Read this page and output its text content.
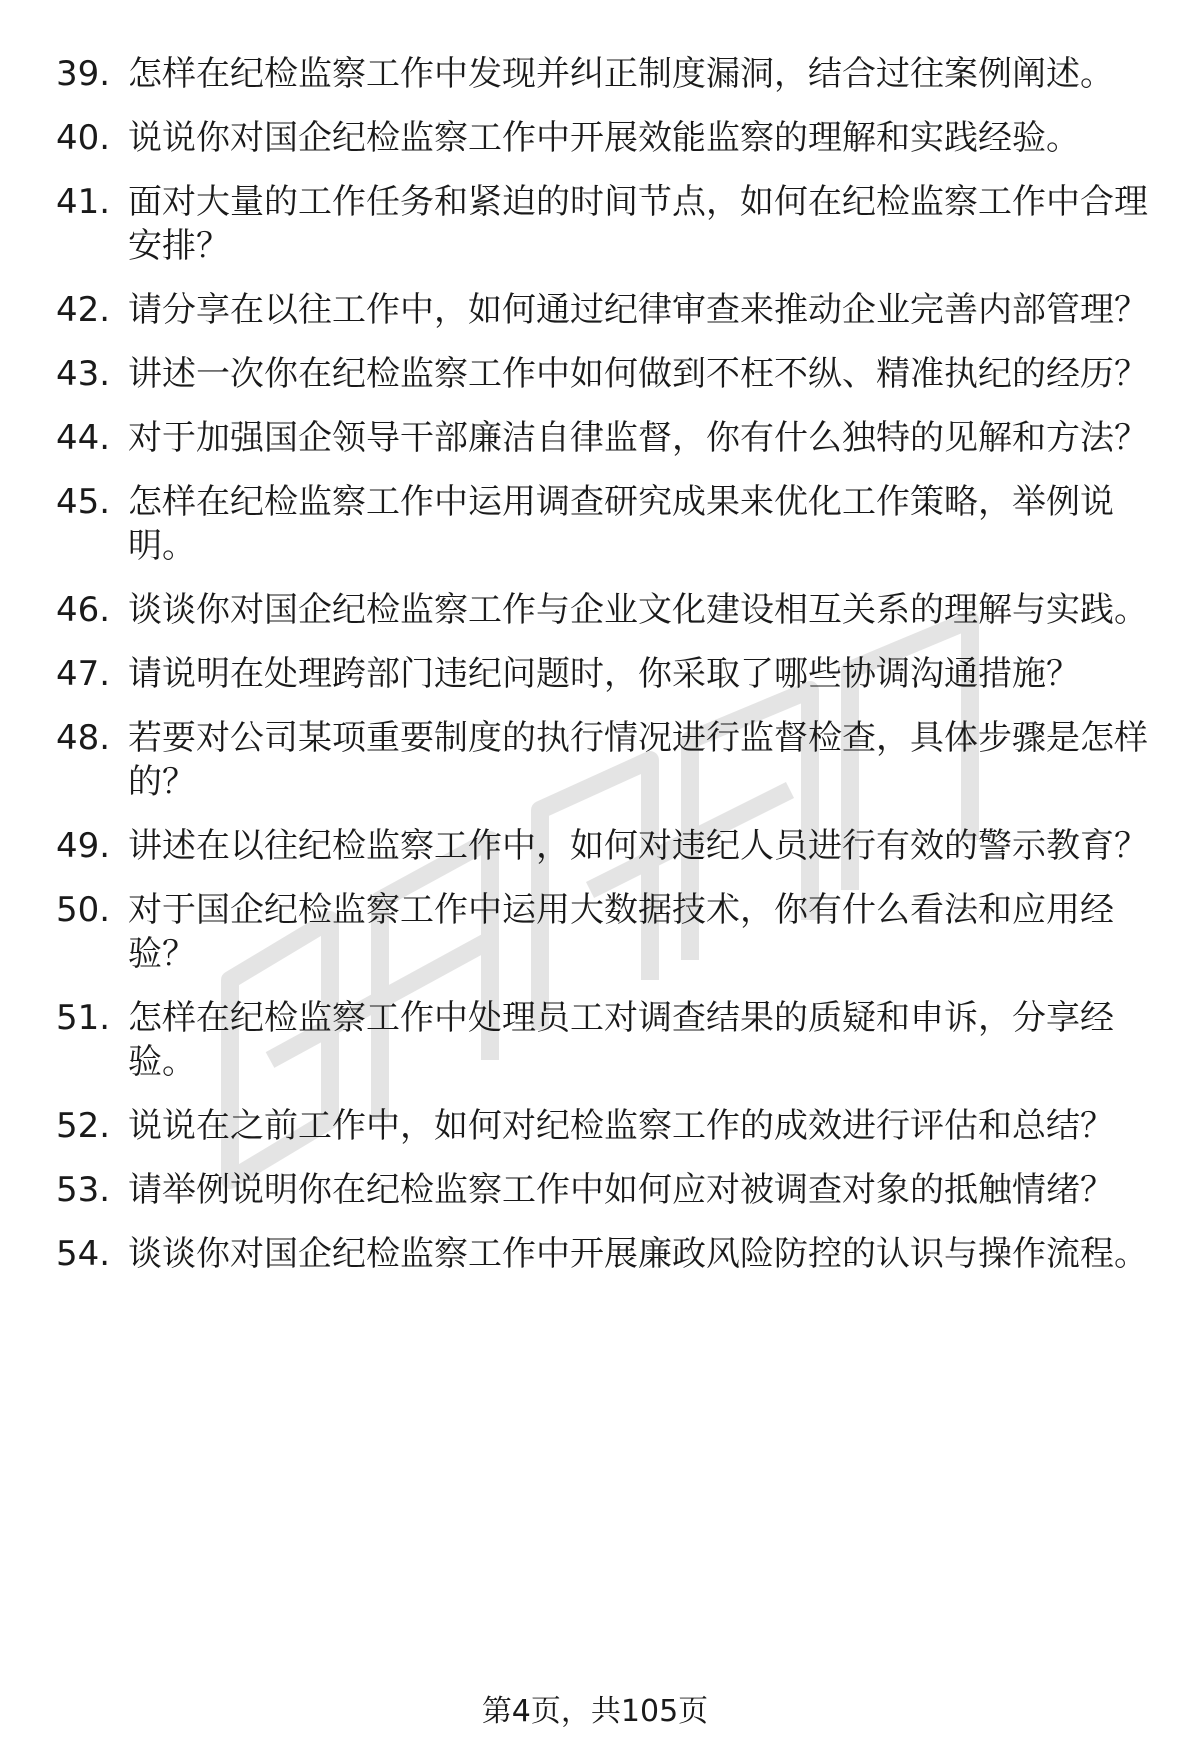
39. 怎样在纪检监察工作中发现并纠正制度漏洞，结合过往案例阐述。
40. 说说你对国企纪检监察工作中开展效能监察的理解和实践经验。
41. 面对大量的工作任务和紧迫的时间节点，如何在纪检监察工作中合理安排？
42. 请分享在以往工作中，如何通过纪律审查来推动企业完善内部管理？
43. 讲述一次你在纪检监察工作中如何做到不枉不纵、精准执纪的经历？
44. 对于加强国企领导干部廉洁自律监督，你有什么独特的见解和方法？
45. 怎样在纪检监察工作中运用调查研究成果来优化工作策略，举例说明。
46. 谈谈你对国企纪检监察工作与企业文化建设相互关系的理解与实践。
47. 请说明在处理跨部门违纪问题时，你采取了哪些协调沟通措施？
48. 若要对公司某项重要制度的执行情况进行监督检查，具体步骤是怎样的？
49. 讲述在以往纪检监察工作中，如何对违纪人员进行有效的警示教育？
50. 对于国企纪检监察工作中运用大数据技术，你有什么看法和应用经验？
51. 怎样在纪检监察工作中处理员工对调查结果的质疑和申诉，分享经验。
52. 说说在之前工作中，如何对纪检监察工作的成效进行评估和总结？
53. 请举例说明你在纪检监察工作中如何应对被调查对象的抵触情绪？
54. 谈谈你对国企纪检监察工作中开展廉政风险防控的认识与操作流程。
第4页，共105页
